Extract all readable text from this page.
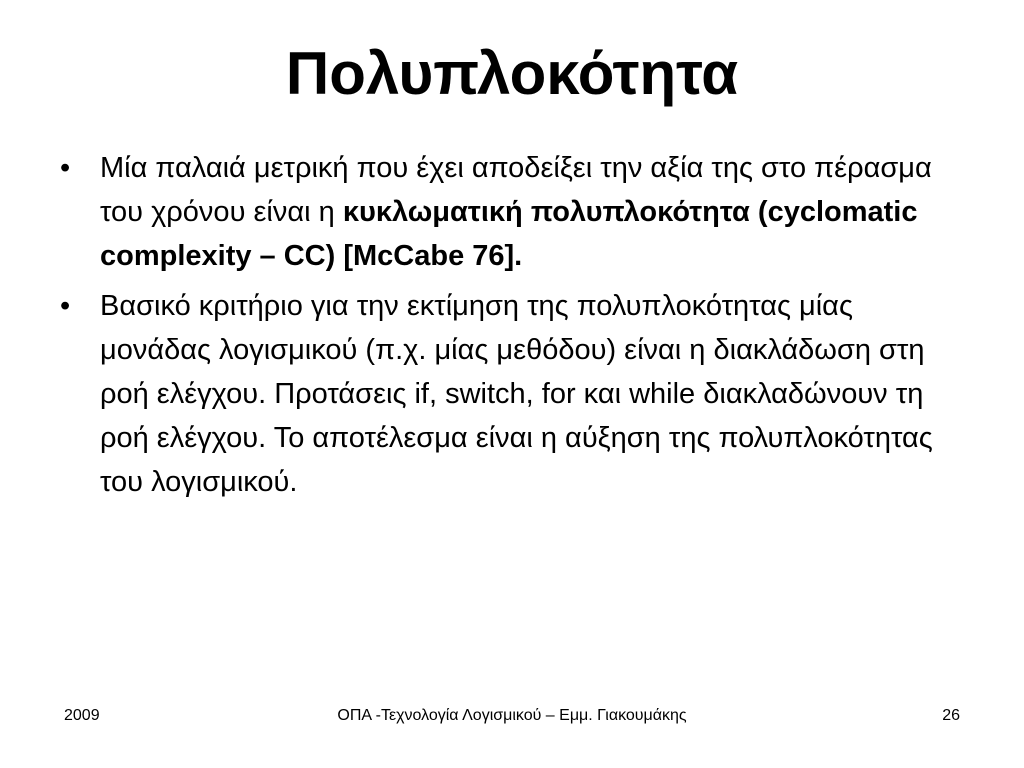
Πολυπλοκότητα
• Μία παλαιά μετρική που έχει αποδείξει την αξία της στο πέρασμα του χρόνου είναι η κυκλωματική πολυπλοκότητα (cyclomatic complexity – CC) [McCabe 76].
• Βασικό κριτήριο για την εκτίμηση της πολυπλοκότητας μίας μονάδας λογισμικού (π.χ. μίας μεθόδου) είναι η διακλάδωση στη ροή ελέγχου. Προτάσεις if, switch, for και while διακλαδώνουν τη ροή ελέγχου. Το αποτέλεσμα είναι η αύξηση της πολυπλοκότητας του λογισμικού.
2009	ΟΠΑ -Τεχνολογία Λογισμικού – Εμμ. Γιακουμάκης	26
